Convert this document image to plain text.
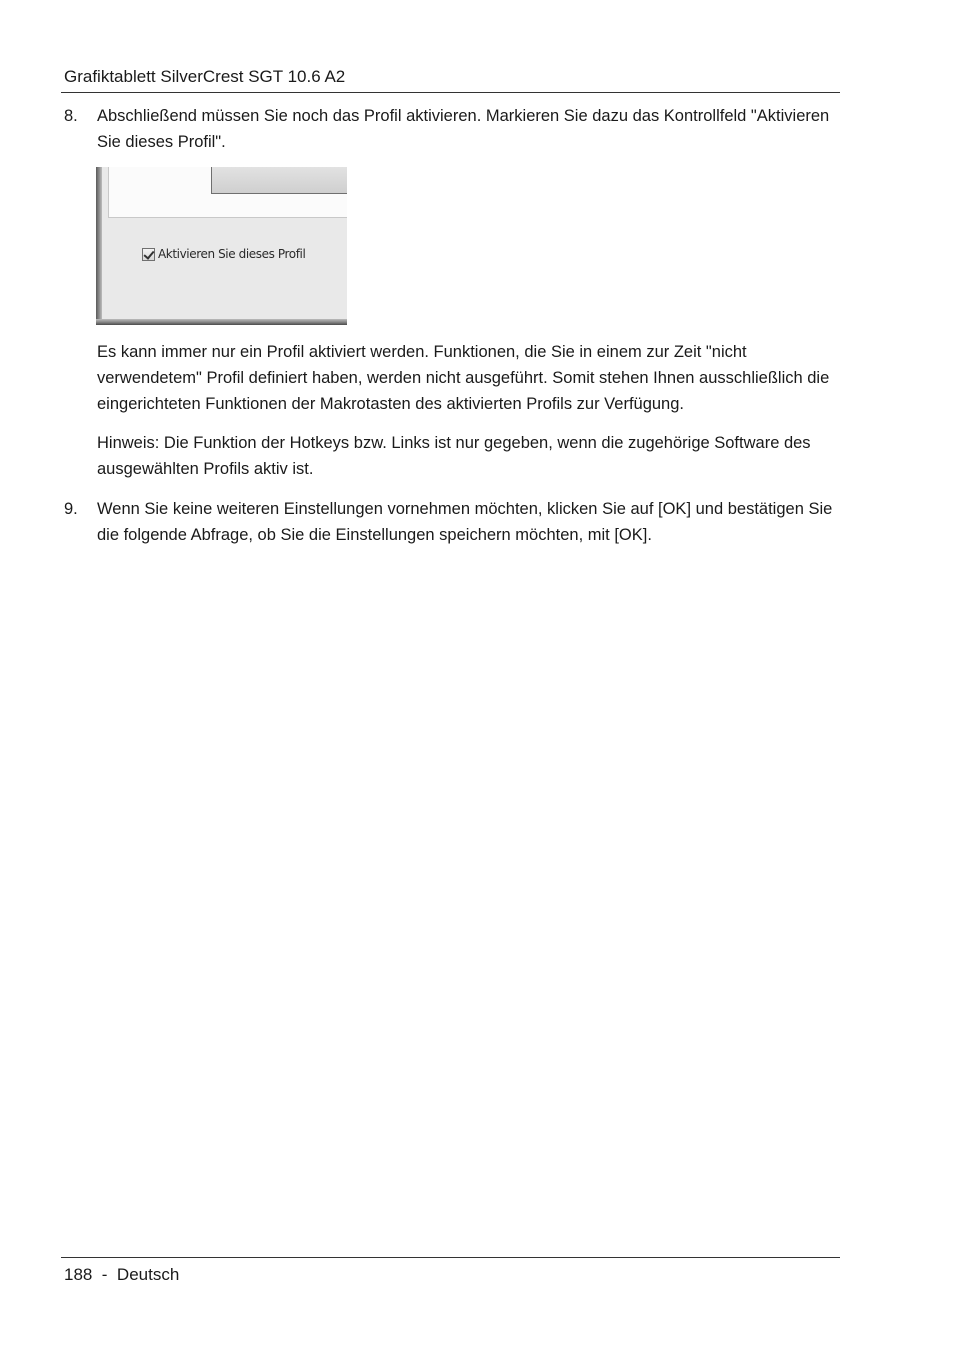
Grafiktablett SilverCrest SGT 10.6 A2
8.	Abschließend müssen Sie noch das Profil aktivieren. Markieren Sie dazu das Kontrollfeld "Aktivieren Sie dieses Profil".
Aktivieren Sie dieses Profil
Es kann immer nur ein Profil aktiviert werden. Funktionen, die Sie in einem zur Zeit "nicht verwendetem" Profil definiert haben, werden nicht ausgeführt. Somit stehen Ihnen ausschließlich die eingerichteten Funktionen der Makrotasten des aktivierten Profils zur Verfügung.
Hinweis: Die Funktion der Hotkeys bzw. Links ist nur gegeben, wenn die zugehörige Software des ausgewählten Profils aktiv ist.
9.	Wenn Sie keine weiteren Einstellungen vornehmen möchten, klicken Sie auf [OK] und bestätigen Sie die folgende Abfrage, ob Sie die Einstellungen speichern möchten, mit [OK].
188  -  Deutsch
